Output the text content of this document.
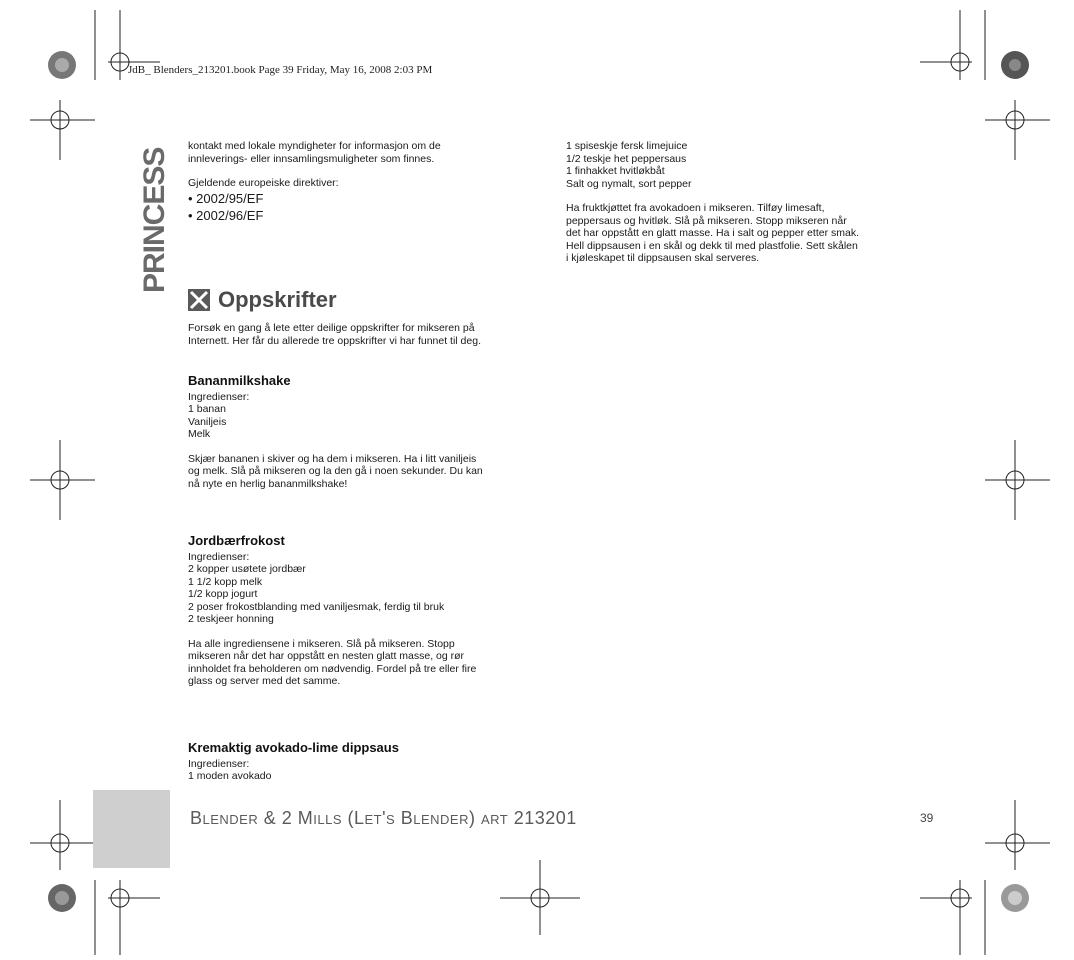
JdB_ Blenders_213201.book Page 39 Friday, May 16, 2008 2:03 PM
PRINCESS

kontakt med lokale myndigheter for informasjon om de

innleverings- eller innsamlingsmuligheter som finnes.

Gjeldende europeiske direktiver:

• 2002/95/EF

• 2002/96/EF

Oppskrifter

Forsøk en gang å lete etter deilige oppskrifter for mikseren på

Internett. Her får du allerede tre oppskrifter vi har funnet til deg.

Bananmilkshake

Ingredienser:

1 banan

Vaniljeis

Melk

Skjær bananen i skiver og ha dem i mikseren. Ha i litt vaniljeis

og melk. Slå på mikseren og la den gå i noen sekunder. Du kan

nå nyte en herlig bananmilkshake!

Jordbærfrokost

Ingredienser:

2 kopper usøtete jordbær

1 1/2 kopp melk

1/2 kopp jogurt

2 poser frokostblanding med vaniljesmak, ferdig til bruk

2 teskjeer honning

Ha alle ingrediensene i mikseren. Slå på mikseren. Stopp

mikseren når det har oppstått en nesten glatt masse, og rør

innholdet fra beholderen om nødvendig. Fordel på tre eller fire

glass og server med det samme.

Kremaktig avokado-lime dippsaus

Ingredienser:

1 moden avokado

1 spiseskje fersk limejuice

1/2 teskje het peppersaus

1 finhakket hvitløkbåt

Salt og nymalt, sort pepper

Ha fruktkjøttet fra avokadoen i mikseren. Tilføy limesaft,

peppersaus og hvitløk. Slå på mikseren. Stopp mikseren når

det har oppstått en glatt masse. Ha i salt og pepper etter smak.

Hell dippsausen i en skål og dekk til med plastfolie. Sett skålen

i kjøleskapet til dippsausen skal serveres.

Blender & 2 Mills (Let's Blender) art 213201	39
